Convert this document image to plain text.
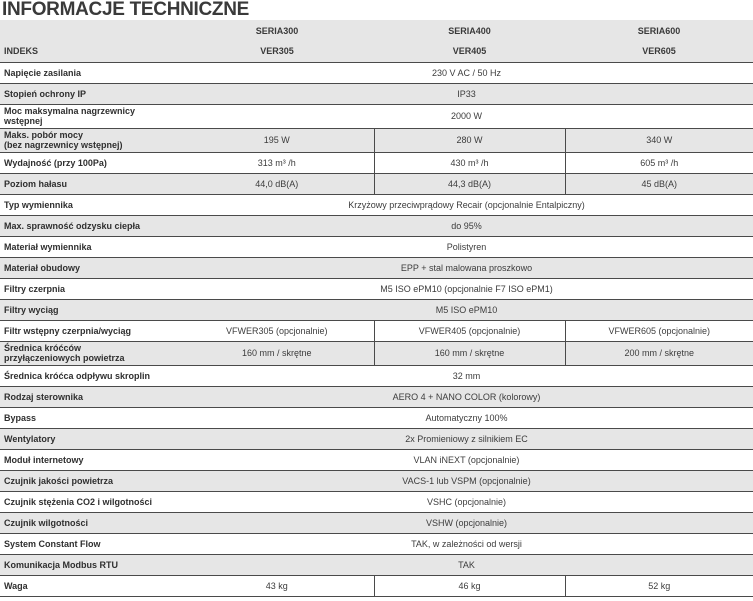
INFORMACJE TECHNICZNE
	SERIA300	SERIA400	SERIA600
INDEKS	VER305	VER405	VER605
Napięcie zasilania	230 V AC / 50 Hz		
Stopień ochrony IP	IP33		
Moc maksymalna nagrzewnicy wstępnej	2000 W		
Maks. pobór mocy
(bez nagrzewnicy wstępnej)	195 W	280 W	340 W
Wydajność (przy 100Pa)	313 m³ /h	430 m³ /h	605 m³ /h
Poziom hałasu	44,0 dB(A)	44,3 dB(A)	45 dB(A)
Typ wymiennika	Krzyżowy przeciwprądowy Recair (opcjonalnie Entalpiczny)		
Max. sprawność odzysku ciepła	do 95%		
Materiał wymiennika	Polistyren		
Materiał obudowy	EPP + stal malowana proszkowo		
Filtry czerpnia	M5 ISO ePM10 (opcjonalnie F7 ISO ePM1)		
Filtry wyciąg	M5 ISO ePM10		
Filtr wstępny czerpnia/wyciąg	VFWER305 (opcjonalnie)	VFWER405 (opcjonalnie)	VFWER605 (opcjonalnie)
Średnica króćców
przyłączeniowych powietrza	160 mm / skrętne	160 mm / skrętne	200 mm / skrętne
Średnica króćca odpływu skroplin	32 mm		
Rodzaj sterownika	AERO 4 + NANO COLOR (kolorowy)		
Bypass	Automatyczny 100%		
Wentylatory	2x Promieniowy z silnikiem EC		
Moduł internetowy	VLAN iNEXT (opcjonalnie)		
Czujnik jakości powietrza	VACS-1 lub VSPM (opcjonalnie)		
Czujnik stężenia CO2 i wilgotności	VSHC (opcjonalnie)		
Czujnik wilgotności	VSHW (opcjonalnie)		
System Constant Flow	TAK, w zależności od wersji		
Komunikacja Modbus RTU	TAK		
Waga	43 kg	46 kg	52 kg
